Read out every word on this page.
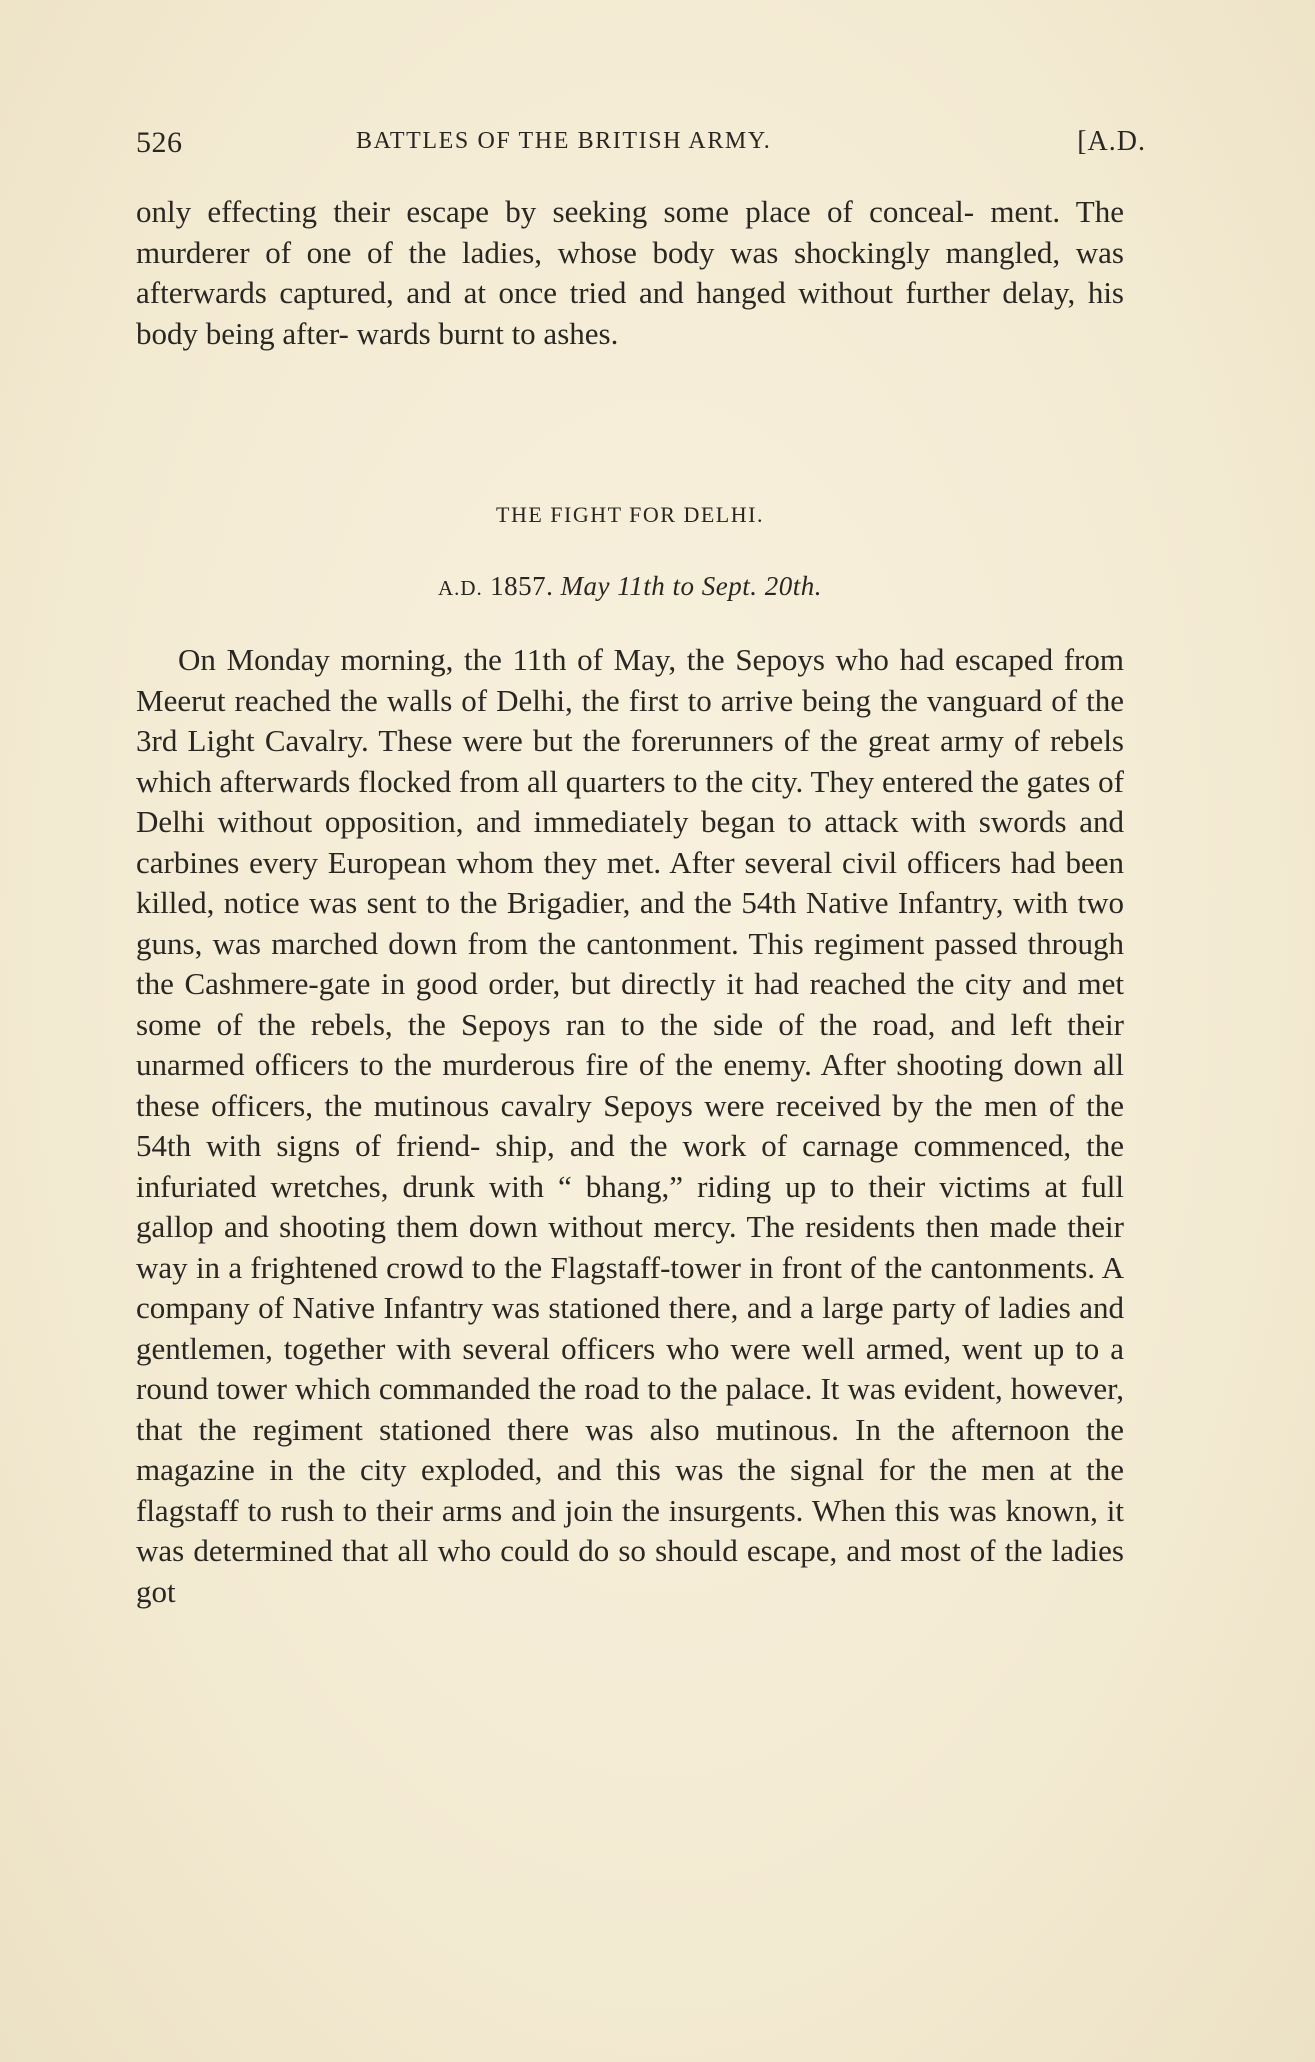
526	BATTLES OF THE BRITISH ARMY.	[A.D.
only effecting their escape by seeking some place of conceal- ment. The murderer of one of the ladies, whose body was shockingly mangled, was afterwards captured, and at once tried and hanged without further delay, his body being after- wards burnt to ashes.
THE FIGHT FOR DELHI.
A.D. 1857. May 11th to Sept. 20th.
On Monday morning, the 11th of May, the Sepoys who had escaped from Meerut reached the walls of Delhi, the first to arrive being the vanguard of the 3rd Light Cavalry. These were but the forerunners of the great army of rebels which afterwards flocked from all quarters to the city. They entered the gates of Delhi without opposition, and immediately began to attack with swords and carbines every European whom they met. After several civil officers had been killed, notice was sent to the Brigadier, and the 54th Native Infantry, with two guns, was marched down from the cantonment. This regiment passed through the Cashmere-gate in good order, but directly it had reached the city and met some of the rebels, the Sepoys ran to the side of the road, and left their unarmed officers to the murderous fire of the enemy. After shooting down all these officers, the mutinous cavalry Sepoys were received by the men of the 54th with signs of friend- ship, and the work of carnage commenced, the infuriated wretches, drunk with “ bhang,” riding up to their victims at full gallop and shooting them down without mercy. The residents then made their way in a frightened crowd to the Flagstaff-tower in front of the cantonments. A company of Native Infantry was stationed there, and a large party of ladies and gentlemen, together with several officers who were well armed, went up to a round tower which commanded the road to the palace. It was evident, however, that the regiment stationed there was also mutinous. In the afternoon the magazine in the city exploded, and this was the signal for the men at the flagstaff to rush to their arms and join the insurgents. When this was known, it was determined that all who could do so should escape, and most of the ladies got
